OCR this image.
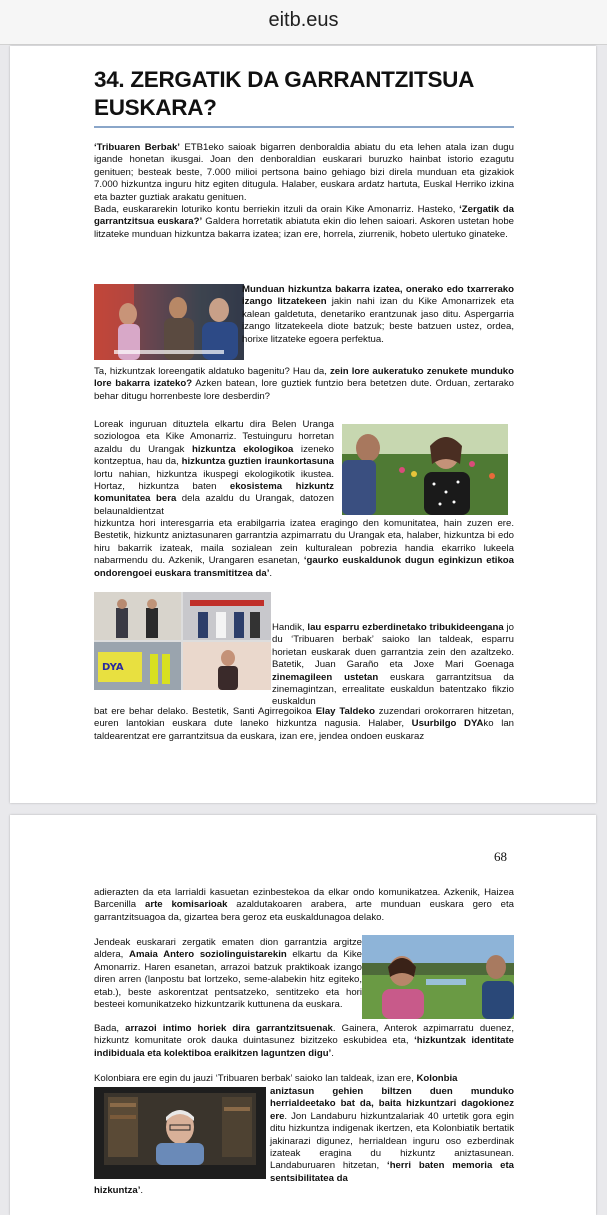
eitb.eus
34. ZERGATIK DA GARRANTZITSUA EUSKARA?

‘Tribuaren Berbak’ ETB1eko saioak bigarren denboraldia abiatu du eta lehen atala izan dugu igande honetan ikusgai. Joan den denboraldian euskarari buruzko hainbat istorio ezagutu genituen; besteak beste, 7.000 milioi pertsona baino gehiago bizi direla munduan eta gizakiok 7.000 hizkuntza inguru hitz egiten ditugula. Halaber, euskara ardatz hartuta, Euskal Herriko izkina eta bazter guztiak arakatu genituen.

Bada, euskararekin loturiko kontu berriekin itzuli da orain Kike Amonarriz. Hasteko, ‘Zergatik da garrantzitsua euskara?’ Galdera horretatik abiatuta ekin dio lehen saioari. Askoren ustetan hobe litzateke munduan hizkuntza bakarra izatea; izan ere, horrela, ziurrenik, hobeto ulertuko ginateke.

Munduan hizkuntza bakarra izatea, onerako edo txarrerako izango litzatekeen jakin nahi izan du Kike Amonarrizek eta kalean galdetuta, denetariko erantzunak jaso ditu. Aspergarria izango litzatekeela diote batzuk; beste batzuen ustez, ordea, horixe litzateke egoera perfektua.

Ta, hizkuntzak loreengatik aldatuko bagenitu? Hau da, zein lore aukeratuko zenukete munduko lore bakarra izateko? Azken batean, lore guztiek funtzio bera betetzen dute. Orduan, zertarako behar ditugu horrenbeste lore desberdin?

Loreak inguruan dituztela elkartu dira Belen Uranga soziologoa eta Kike Amonarriz. Testuinguru horretan azaldu du Urangak hizkuntza ekologikoa izeneko kontzeptua, hau da, hizkuntza guztien iraunkortasuna lortu nahian, hizkuntza ikuspegi ekologikotik ikustea. Hortaz, hizkuntza baten ekosistema hizkuntz komunitatea bera dela azaldu du Urangak, datozen belaunaldientzat

hizkuntza hori interesgarria eta erabilgarria izatea eragingo den komunitatea, hain zuzen ere. Bestetik, hizkuntz aniztasunaren garrantzia azpimarratu du Urangak eta, halaber, hizkuntza bi edo hiru bakarrik izateak, maila sozialean zein kulturalean pobrezia handia ekarriko lukeela nabarmendu du. Azkenik, Urangaren esanetan, ‘gaurko euskaldunok dugun eginkizun etikoa ondorengoei euskara transmititzea da’.

DYA

Handik, lau esparru ezberdinetako tribukideengana jo du ‘Tribuaren berbak’ saioko lan taldeak, esparru horietan euskarak duen garrantzia zein den azaltzeko. Batetik, Juan Garaño eta Joxe Mari Goenaga zinemagileen ustetan euskara garrantzitsua da zinemagintzan, errealitate euskaldun batentzako fikzio euskaldun

bat ere behar delako. Bestetik, Santi Agirregoikoa Elay Taldeko zuzendari orokorraren hitzetan, euren lantokian euskara dute laneko hizkuntza nagusia. Halaber, Usurbilgo DYAko lan taldearentzat ere garrantzitsua da euskara, izan ere, jendea ondoen euskaraz

68

adierazten da eta larrialdi kasuetan ezinbestekoa da elkar ondo komunikatzea. Azkenik, Haizea Barcenilla arte komisarioak azaldutakoaren arabera, arte munduan euskara gero eta garrantzitsuagoa da, gizartea bera geroz eta euskaldunagoa delako.

Jendeak euskarari zergatik ematen dion garrantzia argitze aldera, Amaia Antero soziolinguistarekin elkartu da Kike Amonarriz. Haren esanetan, arrazoi batzuk praktikoak izango diren arren (lanpostu bat lortzeko, seme-alabekin hitz egiteko, etab.), beste askorentzat pentsatzeko, sentitzeko eta hori besteei komunikatzeko hizkuntzarik kuttunena da euskara.

Bada, arrazoi intimo horiek dira garrantzitsuenak. Gainera, Anterok azpimarratu duenez, hizkuntz komunitate orok dauka duintasunez bizitzeko eskubidea eta, ‘hizkuntzak identitate indibiduala eta kolektiboa eraikitzen laguntzen digu’.

Kolonbiara ere egin du jauzi ‘Tribuaren berbak’ saioko lan taldeak, izan ere, Kolonbia

aniztasun gehien biltzen duen munduko herrialdeetako bat da, baita hizkuntzari dagokionez ere. Jon Landaburu hizkuntzalariak 40 urtetik gora egin ditu hizkuntza indigenak ikertzen, eta Kolonbiatik bertatik jakinarazi digunez, herrialdean inguru oso ezberdinak izateak eragina du hizkuntz aniztasunean. Landaburuaren hitzetan, ‘herri baten memoria eta sentsibilitatea da

hizkuntza’.
